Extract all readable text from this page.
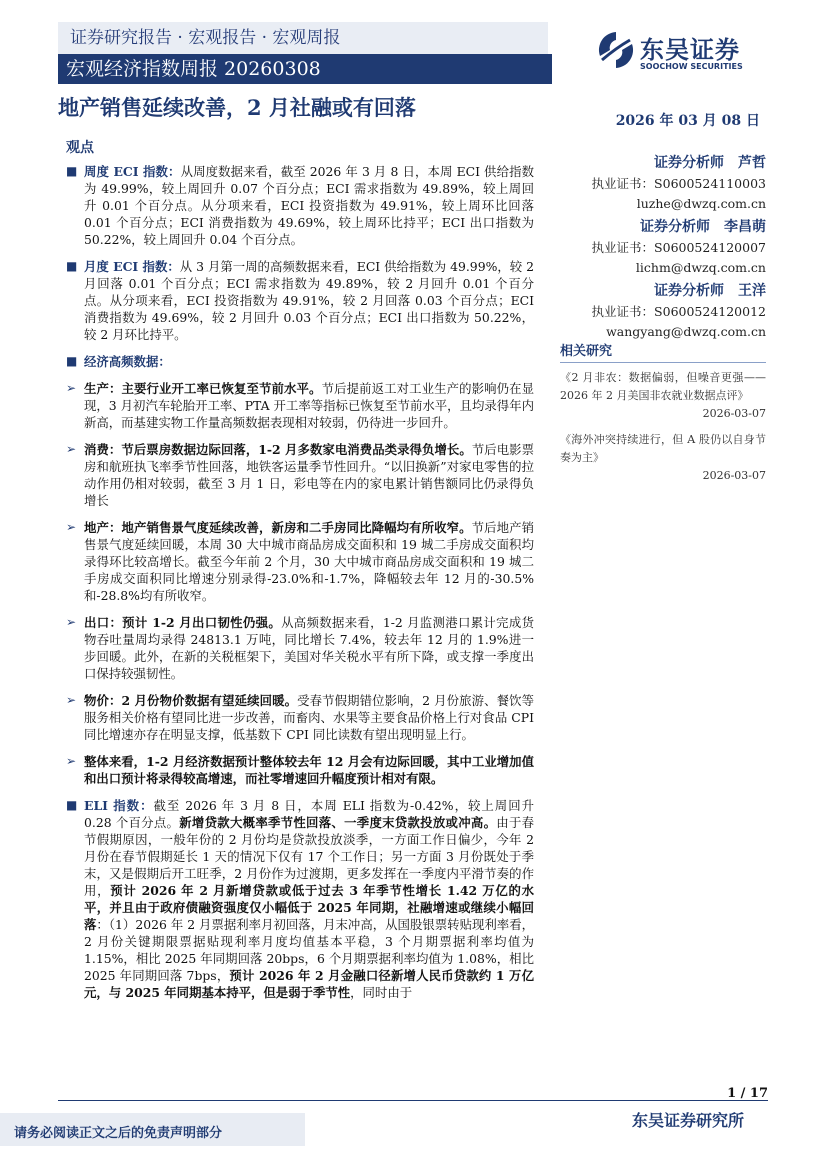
证券研究报告 · 宏观报告 · 宏观周报
宏观经济指数周报 20260308
东吴证券
SOOCHOW SECURITIES
地产销售延续改善，2 月社融或有回落
2026 年 03 月 08 日
观点
■ 周度 ECI 指数：从周度数据来看，截至 2026 年 3 月 8 日，本周 ECI 供给指数为 49.99%，较上周回升 0.07 个百分点；ECI 需求指数为 49.89%，较上周回升 0.01 个百分点。从分项来看，ECI 投资指数为 49.91%，较上周环比回落 0.01 个百分点；ECI 消费指数为 49.69%，较上周环比持平；ECI 出口指数为 50.22%，较上周回升 0.04 个百分点。
■ 月度 ECI 指数：从 3 月第一周的高频数据来看，ECI 供给指数为 49.99%，较 2 月回落 0.01 个百分点；ECI 需求指数为 49.89%，较 2 月回升 0.01 个百分点。从分项来看，ECI 投资指数为 49.91%，较 2 月回落 0.03 个百分点；ECI 消费指数为 49.69%，较 2 月回升 0.03 个百分点；ECI 出口指数为 50.22%，较 2 月环比持平。
■ 经济高频数据：
➢ 生产：主要行业开工率已恢复至节前水平。节后提前返工对工业生产的影响仍在显现，3 月初汽车轮胎开工率、PTA 开工率等指标已恢复至节前水平，且均录得年内新高，而基建实物工作量高频数据表现相对较弱，仍待进一步回升。
➢ 消费：节后票房数据边际回落，1-2 月多数家电消费品类录得负增长。节后电影票房和航班执飞率季节性回落，地铁客运量季节性回升。“以旧换新”对家电零售的拉动作用仍相对较弱，截至 3 月 1 日，彩电等在内的家电累计销售额同比仍录得负增长
➢ 地产：地产销售景气度延续改善，新房和二手房同比降幅均有所收窄。节后地产销售景气度延续回暖，本周 30 大中城市商品房成交面积和 19 城二手房成交面积均录得环比较高增长。截至今年前 2 个月，30 大中城市商品房成交面积和 19 城二手房成交面积同比增速分别录得-23.0%和-1.7%，降幅较去年 12 月的-30.5%和-28.8%均有所收窄。
➢ 出口：预计 1-2 月出口韧性仍强。从高频数据来看，1-2 月监测港口累计完成货物吞吐量周均录得 24813.1 万吨，同比增长 7.4%，较去年 12 月的 1.9%进一步回暖。此外，在新的关税框架下，美国对华关税水平有所下降，或支撑一季度出口保持较强韧性。
➢ 物价：2 月份物价数据有望延续回暖。受春节假期错位影响，2 月份旅游、餐饮等服务相关价格有望同比进一步改善，而畜肉、水果等主要食品价格上行对食品 CPI 同比增速亦存在明显支撑，低基数下 CPI 同比读数有望出现明显上行。
➢ 整体来看，1-2 月经济数据预计整体较去年 12 月会有边际回暖，其中工业增加值和出口预计将录得较高增速，而社零增速回升幅度预计相对有限。
■ ELI 指数：截至 2026 年 3 月 8 日，本周 ELI 指数为-0.42%，较上周回升 0.28 个百分点。新增贷款大概率季节性回落、一季度末贷款投放或冲高。由于春节假期原因，一般年份的 2 月份均是贷款投放淡季，一方面工作日偏少，今年 2 月份在春节假期延长 1 天的情况下仅有 17 个工作日；另一方面 3 月份既处于季末，又是假期后开工旺季，2 月份作为过渡期，更多发挥在一季度内平滑节奏的作用，预计 2026 年 2 月新增贷款或低于过去 3 年季节性增长 1.42 万亿的水平，并且由于政府债融资强度仅小幅低于 2025 年同期，社融增速或继续小幅回落：（1）2026 年 2 月票据利率月初回落，月末冲高，从国股银票转贴现利率看，2 月份关键期限票据贴现利率月度均值基本平稳，3 个月期票据利率均值为 1.15%，相比 2025 年同期回落 20bps，6 个月期票据利率均值为 1.08%，相比 2025 年同期回落 7bps，预计 2026 年 2 月金融口径新增人民币贷款约 1 万亿元，与 2025 年同期基本持平，但是弱于季节性，同时由于
证券分析师　芦哲
执业证书：S0600524110003
luzhe@dwzq.com.cn
证券分析师　李昌萌
执业证书：S0600524120007
lichm@dwzq.com.cn
证券分析师　王洋
执业证书：S0600524120012
wangyang@dwzq.com.cn
相关研究
《2 月非农：数据偏弱，但噪音更强——2026 年 2 月美国非农就业数据点评》
2026-03-07
《海外冲突持续进行，但 A 股仍以自身节奏为主》
2026-03-07
1 / 17
请务必阅读正文之后的免责声明部分
东吴证券研究所
